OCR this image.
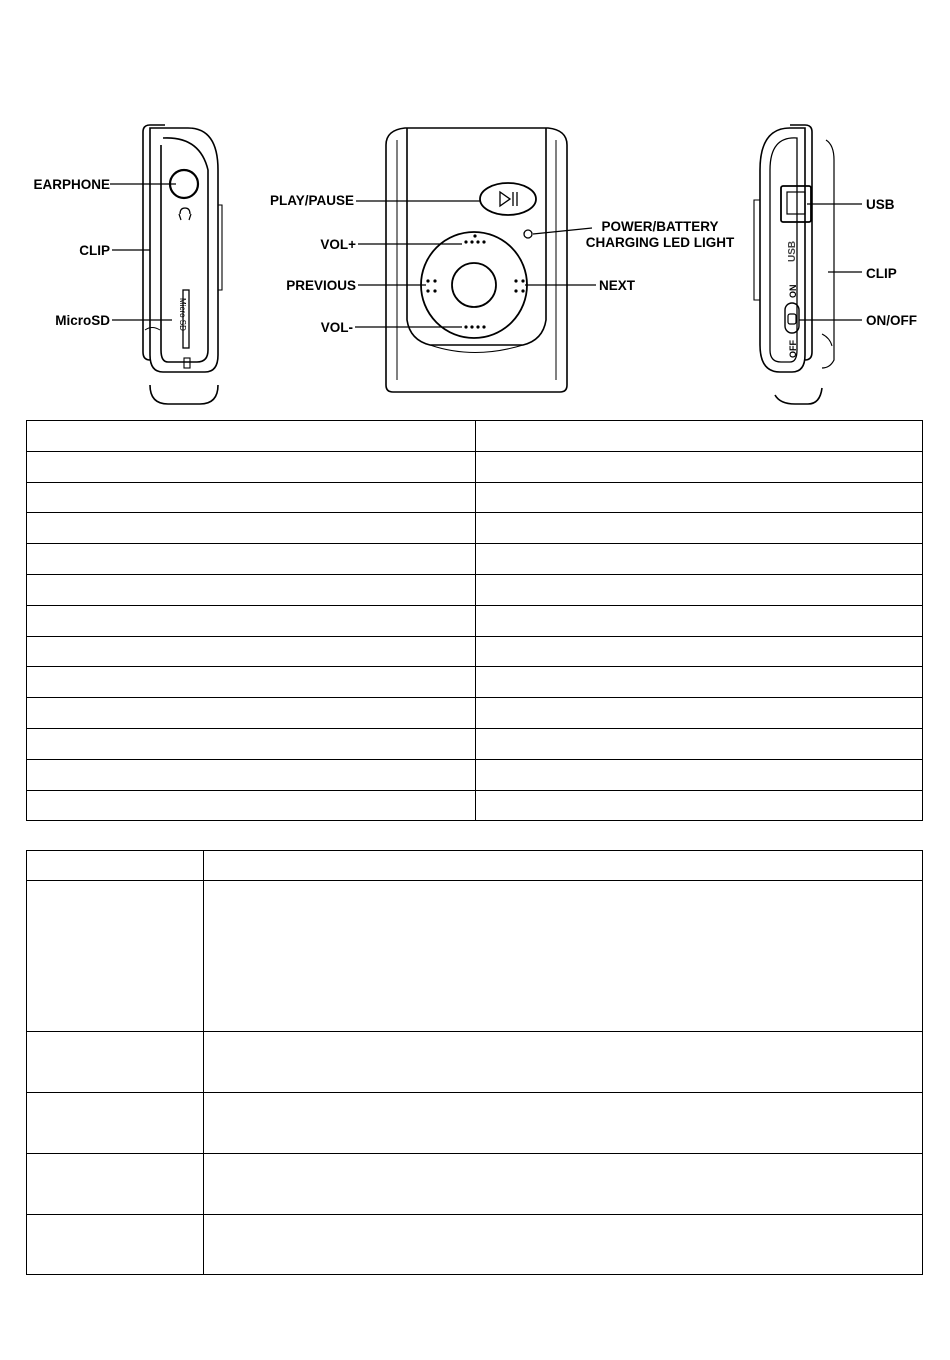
EARPHONE
CLIP
MicroSD	Micro SD
PLAY/PAUSE
VOL+
PREVIOUS
VOL-
POWER/BATTERY
CHARGING LED LIGHT
NEXT
USB
CLIP
ON/OFF
USB
ON
OFF
